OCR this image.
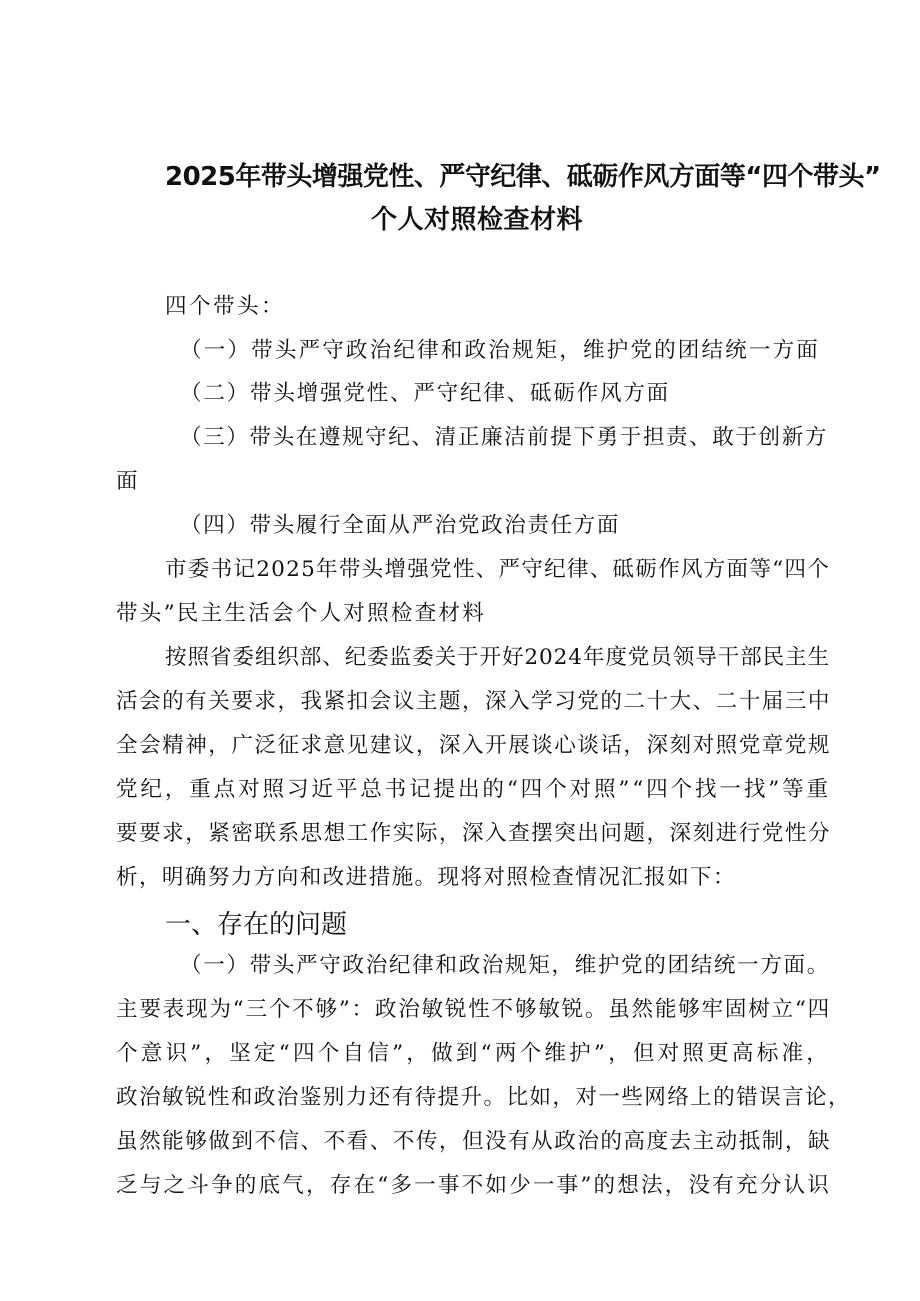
2025年带头增强党性、严守纪律、砥砺作风方面等“四个带头”
个人对照检查材料
四个带头：
（一）带头严守政治纪律和政治规矩，维护党的团结统一方面
（二）带头增强党性、严守纪律、砥砺作风方面
（三）带头在遵规守纪、清正廉洁前提下勇于担责、敢于创新方
面
（四）带头履行全面从严治党政治责任方面
市委书记2025年带头增强党性、严守纪律、砥砺作风方面等“四个
带头”民主生活会个人对照检查材料
按照省委组织部、纪委监委关于开好2024年度党员领导干部民主生
活会的有关要求，我紧扣会议主题，深入学习党的二十大、二十届三中
全会精神，广泛征求意见建议，深入开展谈心谈话，深刻对照党章党规
党纪，重点对照习近平总书记提出的“四个对照”“四个找一找”等重
要要求，紧密联系思想工作实际，深入查摆突出问题，深刻进行党性分
析，明确努力方向和改进措施。现将对照检查情况汇报如下：
一、存在的问题
（一）带头严守政治纪律和政治规矩，维护党的团结统一方面。
主要表现为“三个不够”：政治敏锐性不够敏锐。虽然能够牢固树立“四
个意识”，坚定“四个自信”，做到“两个维护”，但对照更高标准，
政治敏锐性和政治鉴别力还有待提升。比如，对一些网络上的错误言论，
虽然能够做到不信、不看、不传，但没有从政治的高度去主动抵制，缺
乏与之斗争的底气，存在“多一事不如少一事”的想法，没有充分认识
